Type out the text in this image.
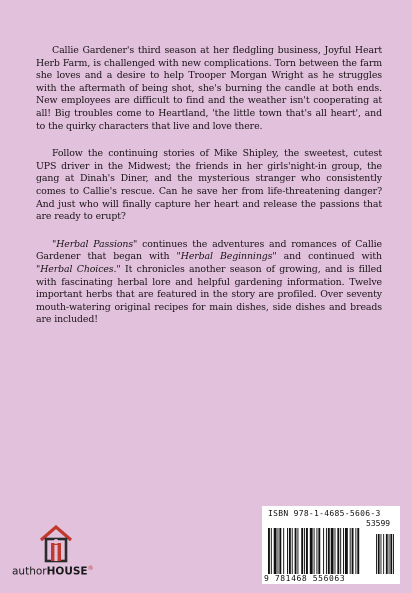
Callie Gardener's third season at her fledgling business, Joyful Heart Herb Farm, is challenged with new complications. Torn between the farm she loves and a desire to help Trooper Morgan Wright as he struggles with the aftermath of being shot, she's burning the candle at both ends. New employees are difficult to find and the weather isn't cooperating at all! Big troubles come to Heartland, 'the little town that's all heart', and to the quirky characters that live and love there.

Follow the continuing stories of Mike Shipley, the sweetest, cutest UPS driver in the Midwest; the friends in her girls'night-in group, the gang at Dinah's Diner, and the mysterious stranger who consistently comes to Callie's rescue. Can he save her from life-threatening danger? And just who will finally capture her heart and release the passions that are ready to erupt?

"Herbal Passions" continues the adventures and romances of Callie Gardener that began with "Herbal Beginnings" and continued with "Herbal Choices." It chronicles another season of growing, and is filled with fascinating herbal lore and helpful gardening information. Twelve important herbs that are featured in the story are profiled. Over seventy mouth-watering original recipes for main dishes, side dishes and breads are included!

authorHOUSE®
ISBN 978-1-4685-5606-3
53599
9 781468 556063
